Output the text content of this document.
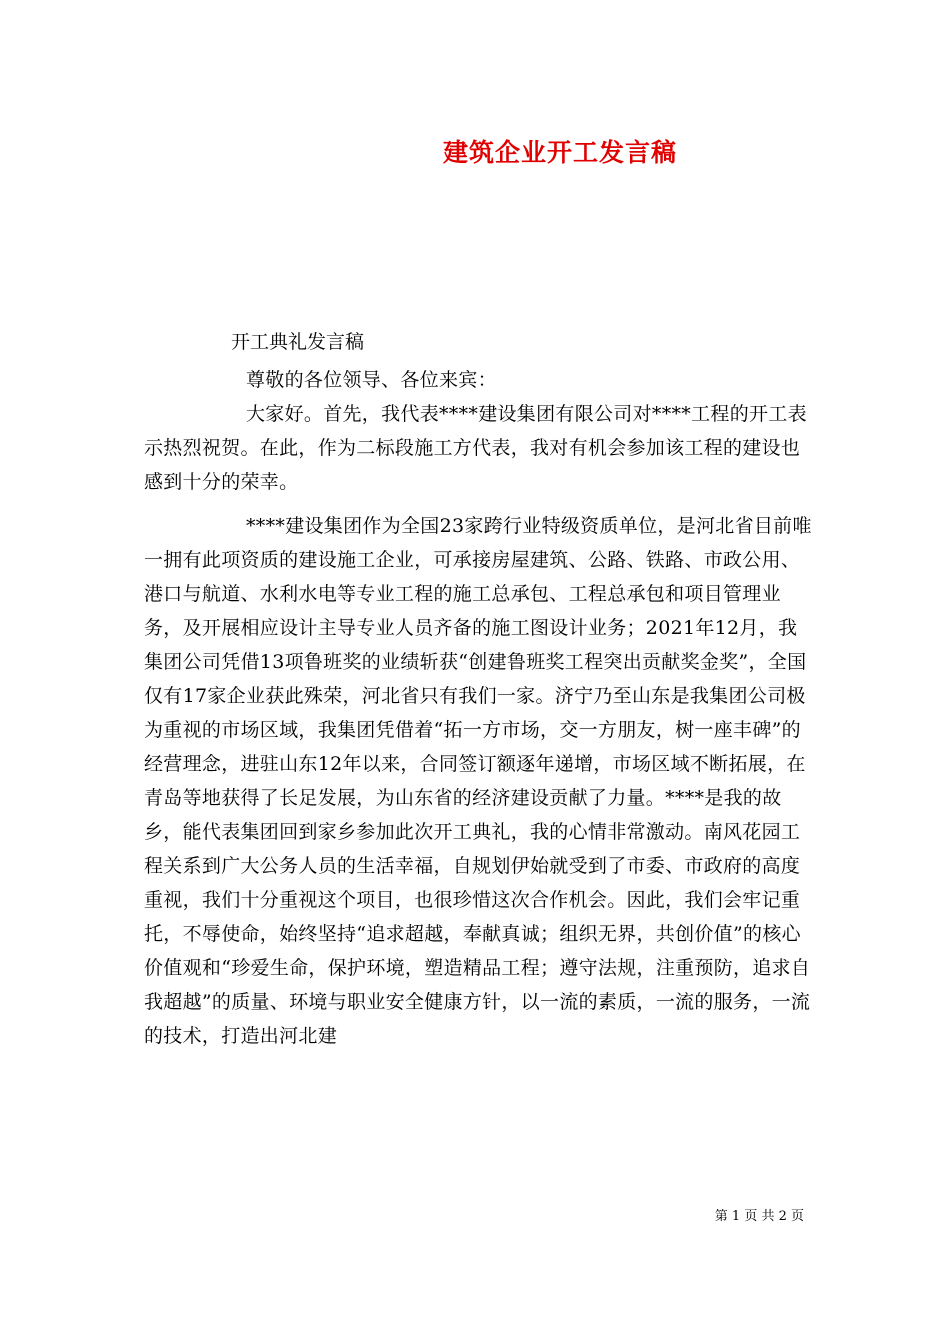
建筑企业开工发言稿

开工典礼发言稿

尊敬的各位领导、各位来宾：

大家好。首先，我代表****建设集团有限公司对****工程的开工表示热烈祝贺。在此，作为二标段施工方代表，我对有机会参加该工程的建设也感到十分的荣幸。

****建设集团作为全国23家跨行业特级资质单位，是河北省目前唯一拥有此项资质的建设施工企业，可承接房屋建筑、公路、铁路、市政公用、港口与航道、水利水电等专业工程的施工总承包、工程总承包和项目管理业务，及开展相应设计主导专业人员齐备的施工图设计业务；2021年12月，我集团公司凭借13项鲁班奖的业绩斩获“创建鲁班奖工程突出贡献奖金奖”，全国仅有17家企业获此殊荣，河北省只有我们一家。济宁乃至山东是我集团公司极为重视的市场区域，我集团凭借着“拓一方市场，交一方朋友，树一座丰碑”的经营理念，进驻山东12年以来，合同签订额逐年递增，市场区域不断拓展，在青岛等地获得了长足发展，为山东省的经济建设贡献了力量。****是我的故乡，能代表集团回到家乡参加此次开工典礼，我的心情非常激动。南风花园工程关系到广大公务人员的生活幸福，自规划伊始就受到了市委、市政府的高度重视，我们十分重视这个项目，也很珍惜这次合作机会。因此，我们会牢记重托，不辱使命，始终坚持“追求超越，奉献真诚；组织无界，共创价值”的核心价值观和“珍爱生命，保护环境，塑造精品工程；遵守法规，注重预防，追求自我超越”的质量、环境与职业安全健康方针，以一流的素质，一流的服务，一流的技术，打造出河北建

第 1 页 共 2 页
